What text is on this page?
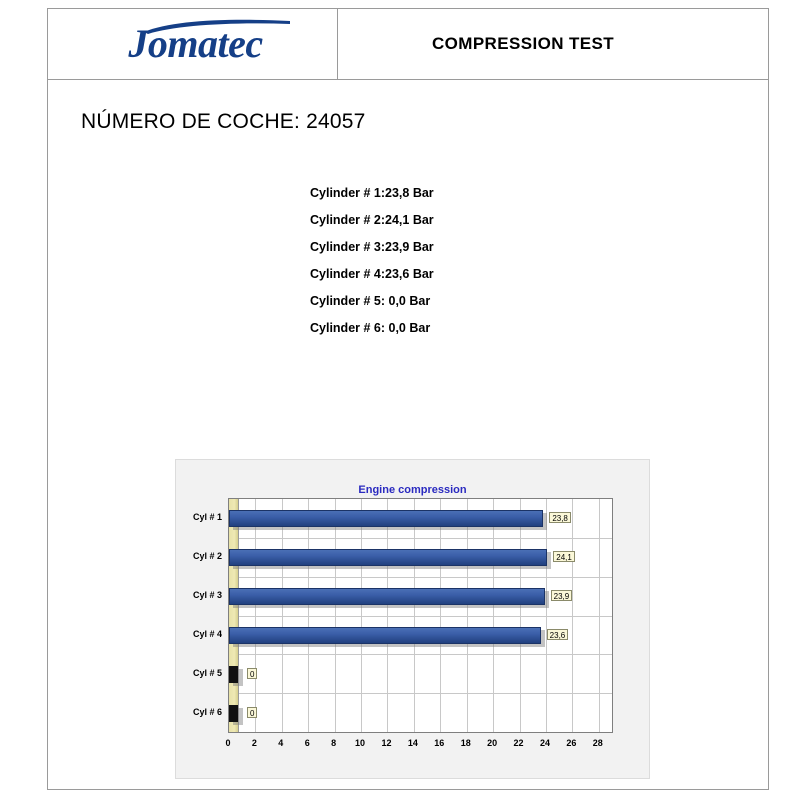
Jomatec	COMPRESSION TEST
NÚMERO DE COCHE: 24057
Cylinder # 1: 23,8 Bar
Cylinder # 2: 24,1 Bar
Cylinder # 3: 23,9 Bar
Cylinder # 4: 23,6 Bar
Cylinder # 5: 0,0 Bar
Cylinder # 6: 0,0 Bar
Engine compression
Cyl # 1	23,8
Cyl # 2	24,1
Cyl # 3	23,9
Cyl # 4	23,6
Cyl # 5	0
Cyl # 6	0
0 2 4 6 8 10 12 14 16 18 20 22 24 26 28
